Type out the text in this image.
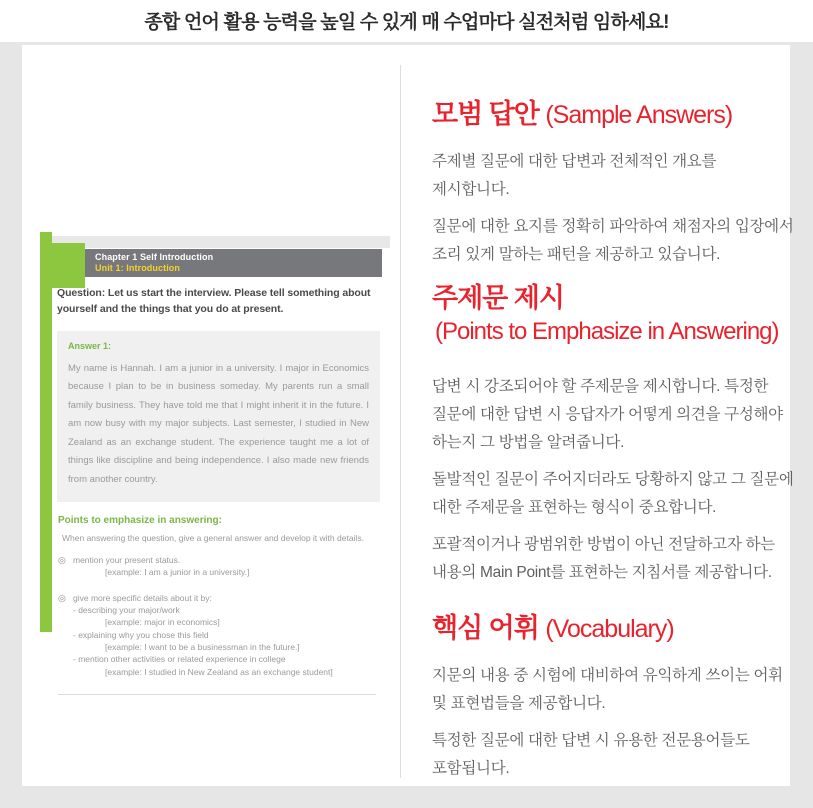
종합 언어 활용 능력을 높일 수 있게 매 수업마다 실전처럼 임하세요!
Chapter 1 Self Introduction
Unit 1: Introduction

Question: Let us start the interview. Please tell something about yourself and the things that you do at present.

Answer 1:

My name is Hannah. I am a junior in a university. I major in Economics because I plan to be in business someday. My parents run a small family business. They have told me that I might inherit it in the future. I am now busy with my major subjects. Last semester, I studied in New Zealand as an exchange student. The experience taught me a lot of things like discipline and being independence. I also made new friends from another country.

Points to emphasize in answering:

When answering the question, give a general answer and develop it with details.

◎ mention your present status.
[example: I am a junior in a university.]
◎ give more specific details about it by:
- describing your major/work
[example: major in economics]
- explaining why you chose this field
[example: I want to be a businessman in the future.]
- mention other activities or related experience in college
[example: I studied in New Zealand as an exchange student]
모범 답안 (Sample Answers)

주제별 질문에 대한 답변과 전체적인 개요를 제시합니다.

질문에 대한 요지를 정확히 파악하여 채점자의 입장에서 조리 있게 말하는 패턴을 제공하고 있습니다.

주제문 제시
(Points to Emphasize in Answering)

답변 시 강조되어야 할 주제문을 제시합니다. 특정한 질문에 대한 답변 시 응답자가 어떻게 의견을 구성해야 하는지 그 방법을 알려줍니다.

돌발적인 질문이 주어지더라도 당황하지 않고 그 질문에 대한 주제문을 표현하는 형식이 중요합니다.

포괄적이거나 광범위한 방법이 아닌 전달하고자 하는 내용의 Main Point를 표현하는 지침서를 제공합니다.

핵심 어휘 (Vocabulary)

지문의 내용 중 시험에 대비하여 유익하게 쓰이는 어휘 및 표현법들을 제공합니다.

특정한 질문에 대한 답변 시 유용한 전문용어들도 포함됩니다.
